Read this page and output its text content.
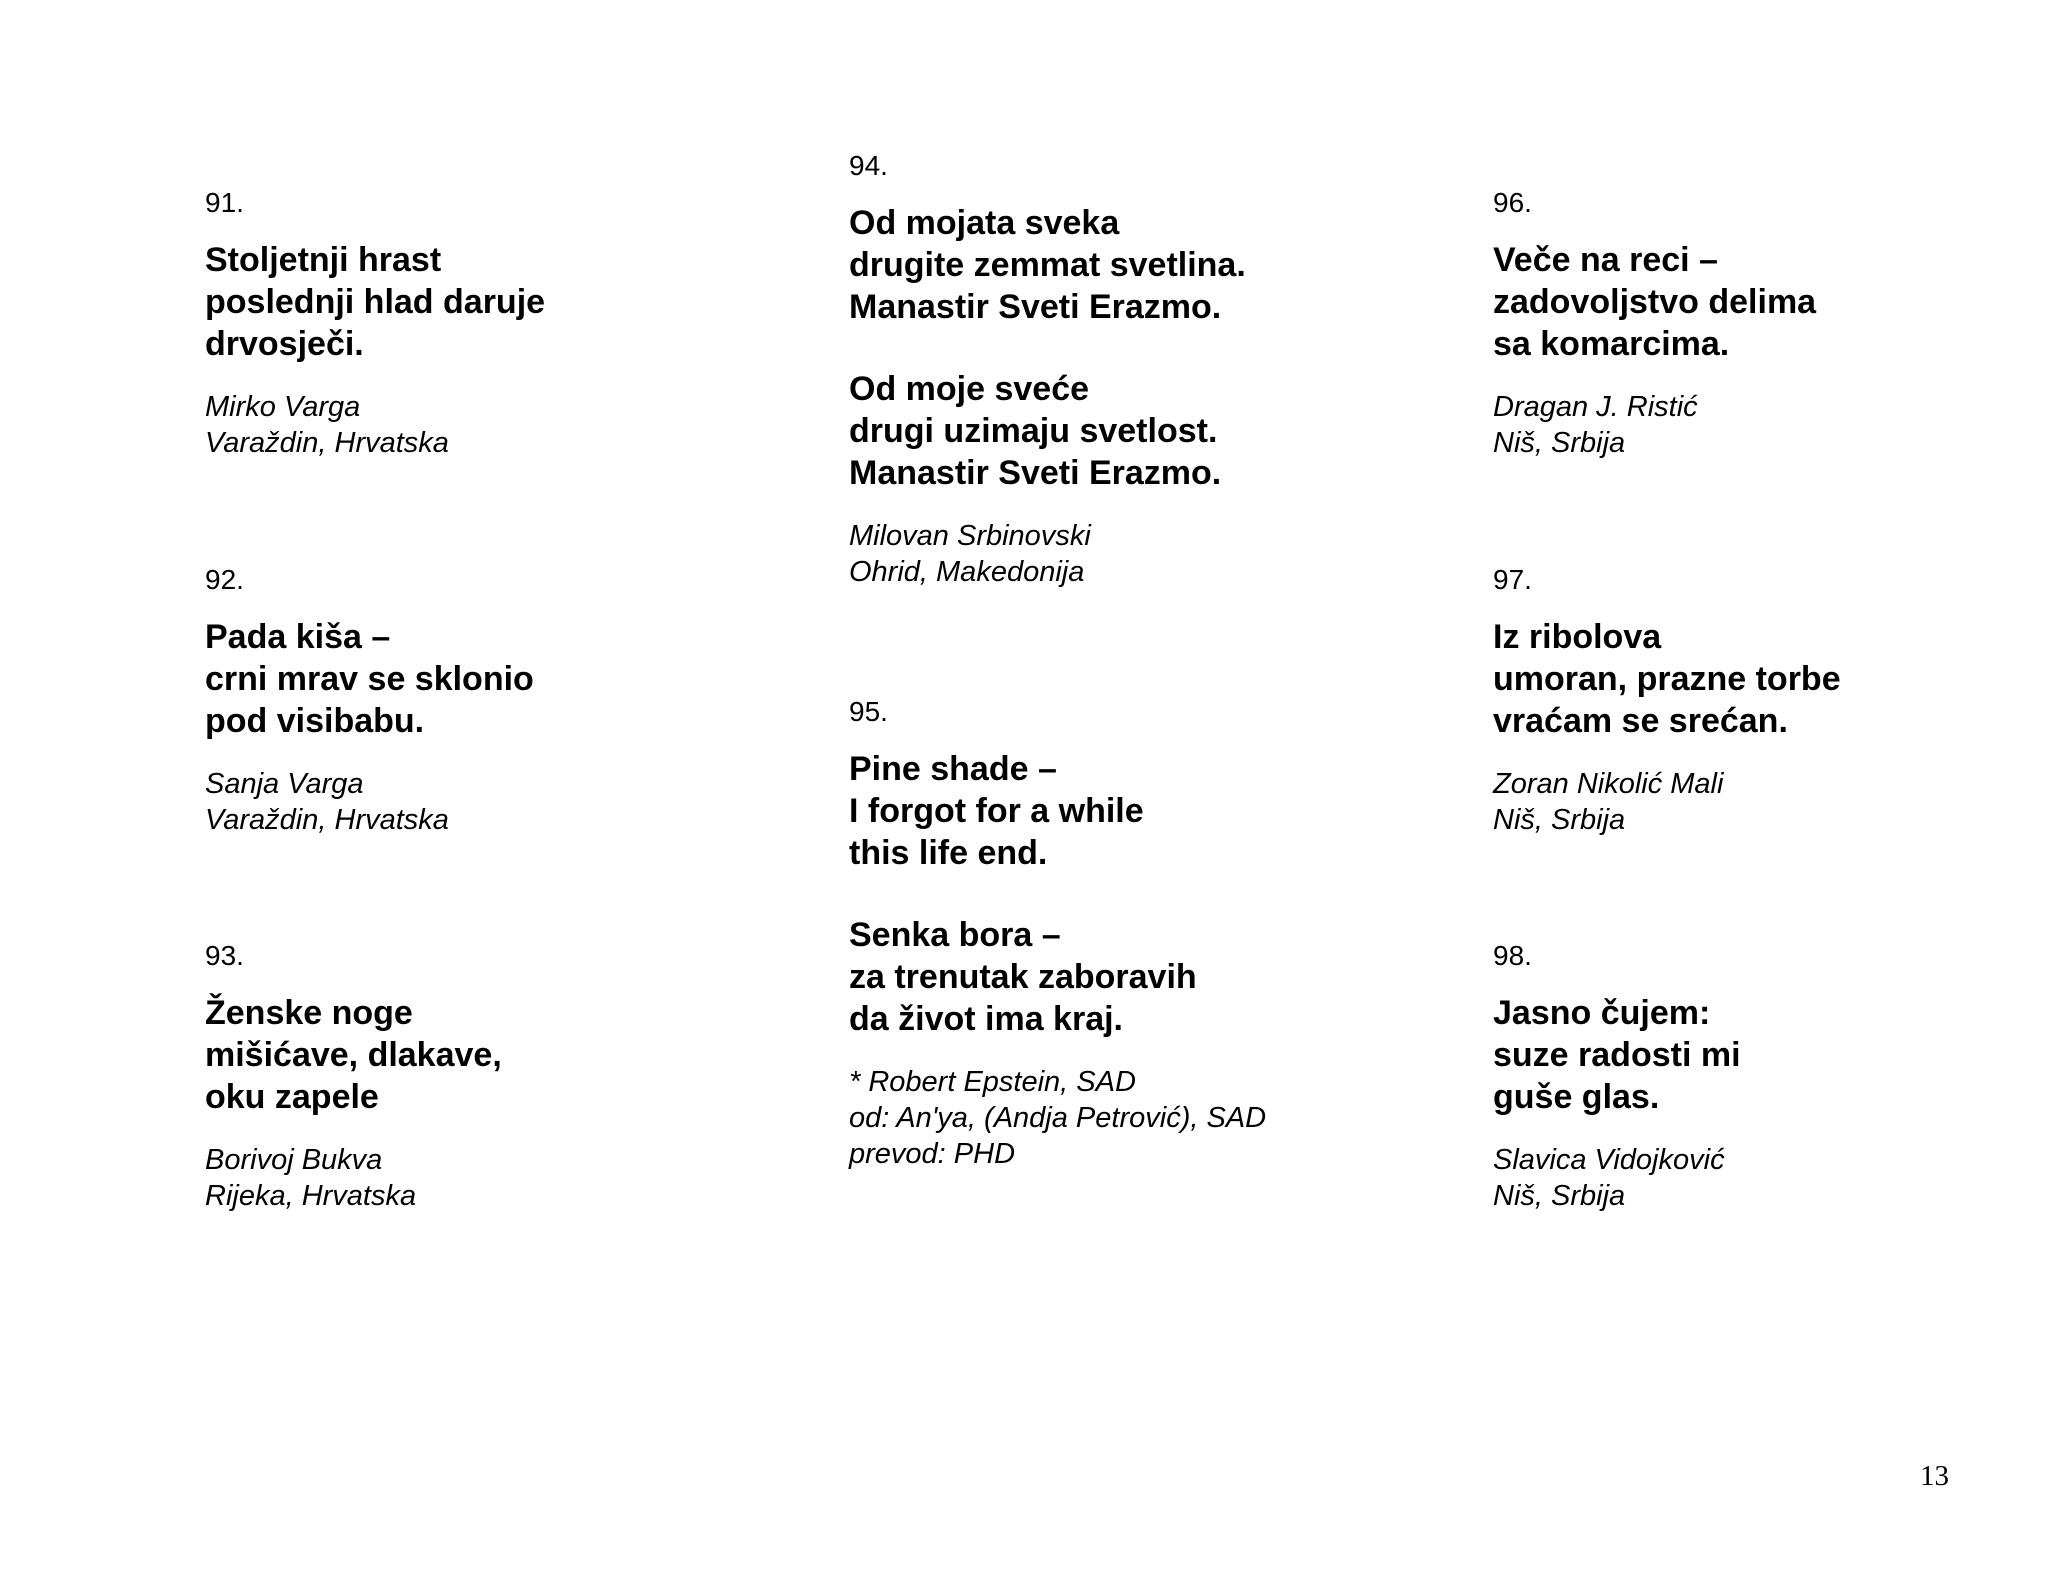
91.
Stoljetnji hrast
poslednji hlad daruje
drvosječi.
Mirko Varga
Varaždin, Hrvatska
92.
Pada kiša –
crni mrav se sklonio
pod visibabu.
Sanja Varga
Varaždin, Hrvatska
93.
Ženske noge
mišićave, dlakave,
oku zapele
Borivoj Bukva
Rijeka, Hrvatska
94.
Od mojata sveka
drugite zemmat svetlina.
Manastir Sveti Erazmo.
Od moje sveće
drugi uzimaju svetlost.
Manastir Sveti Erazmo.
Milovan Srbinovski
Ohrid, Makedonija
95.
Pine shade –
I forgot for a while
this life end.
Senka bora –
za trenutak zaboravih
da život ima kraj.
* Robert Epstein, SAD
od: An'ya, (Andja Petrović), SAD
prevod: PHD
96.
Veče na reci –
zadovoljstvo delima
sa komarcima.
Dragan J. Ristić
Niš, Srbija
97.
Iz ribolova
umoran, prazne torbe
vraćam se srećan.
Zoran Nikolić Mali
Niš, Srbija
98.
Jasno čujem:
suze radosti mi
guše glas.
Slavica Vidojković
Niš, Srbija
13
